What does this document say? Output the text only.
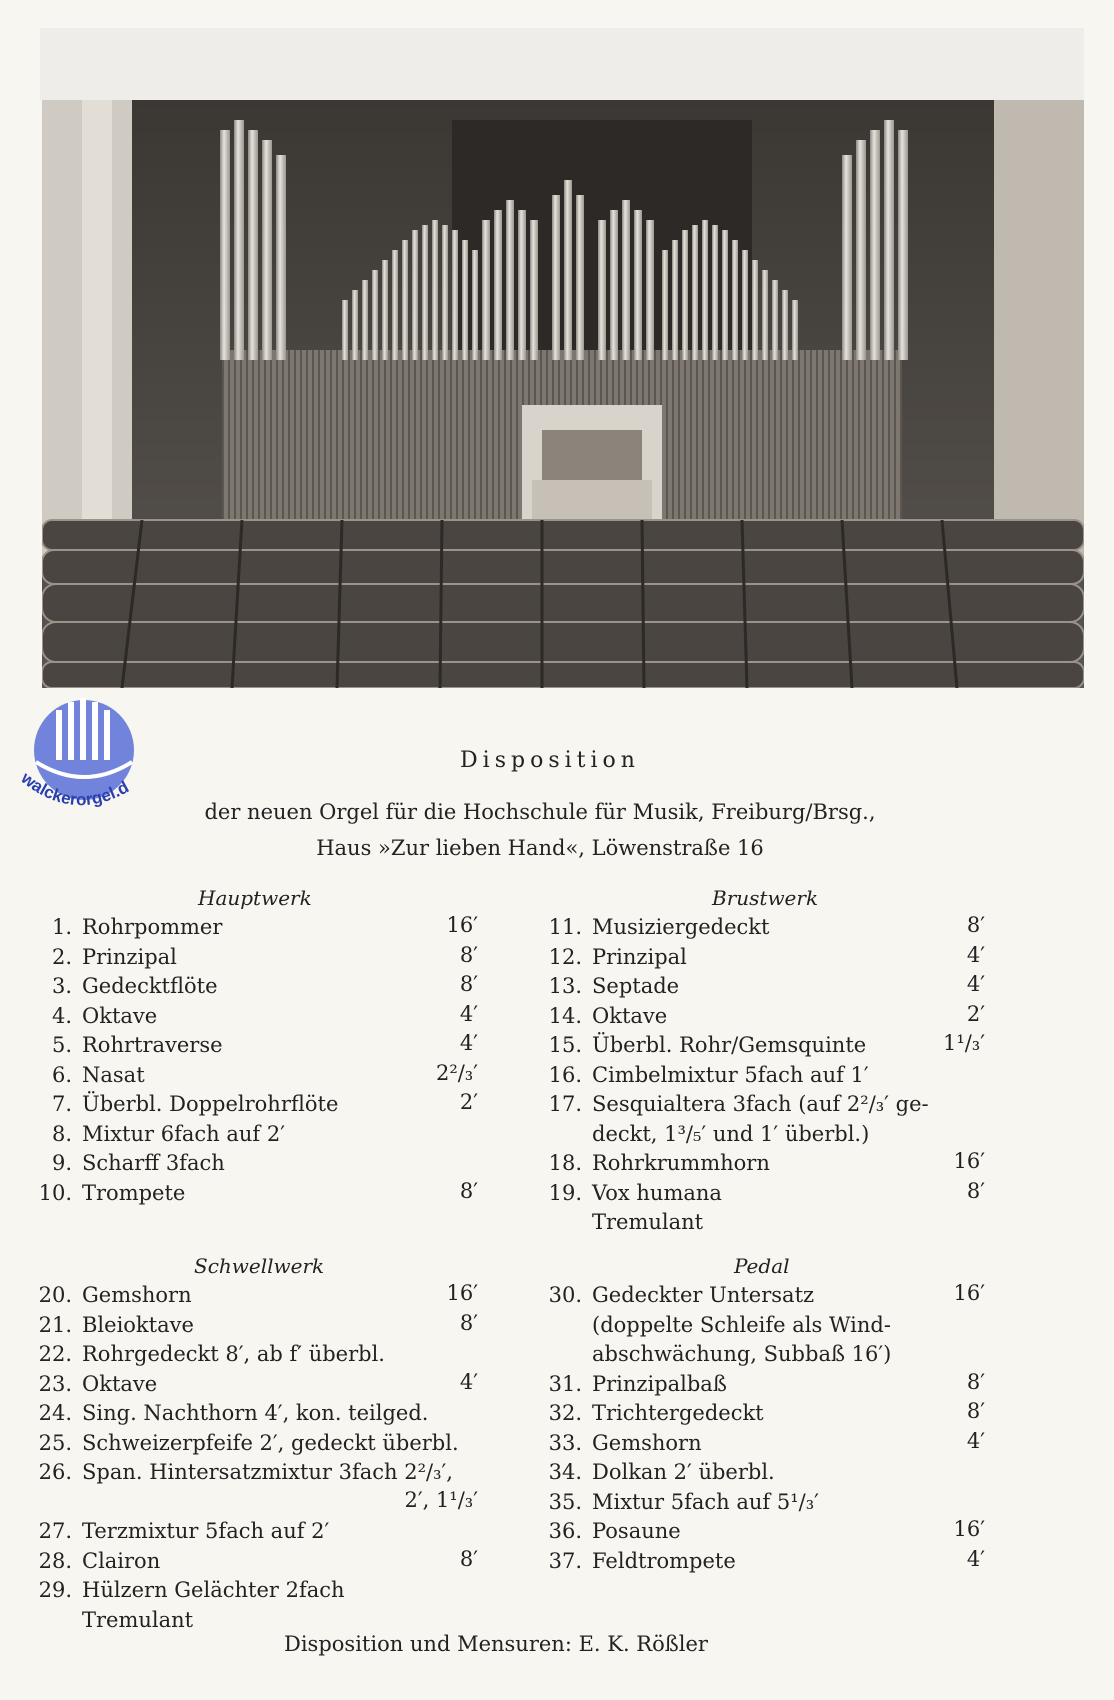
walckerorgel.d
Disposition
der neuen Orgel für die Hochschule für Musik, Freiburg/Brsg.,
Haus »Zur lieben Hand«, Löwenstraße 16
Hauptwerk	Brustwerk
Schwellwerk	Pedal
1. Rohrpommer	16′
2. Prinzipal	8′
3. Gedecktflöte	8′
4. Oktave	4′
5. Rohrtraverse	4′
6. Nasat	2²/₃′
7. Überbl. Doppelrohrflöte	2′
8. Mixtur 6fach auf 2′
9. Scharff 3fach
10. Trompete	8′
11. Musiziergedeckt	8′
12. Prinzipal	4′
13. Septade	4′
14. Oktave	2′
15. Überbl. Rohr/Gemsquinte	1¹/₃′
16. Cimbelmixtur 5fach auf 1′
17. Sesquialtera 3fach (auf 2²/₃′ ge-
deckt, 1³/₅′ und 1′ überbl.)
18. Rohrkrummhorn	16′
19. Vox humana	8′
Tremulant
20. Gemshorn	16′
21. Bleioktave	8′
22. Rohrgedeckt 8′, ab f′ überbl.
23. Oktave	4′
24. Sing. Nachthorn 4′, kon. teilged.
25. Schweizerpfeife 2′, gedeckt überbl.
26. Span. Hintersatzmixtur 3fach 2²/₃′,
2′, 1¹/₃′
27. Terzmixtur 5fach auf 2′
28. Clairon	8′
29. Hülzern Gelächter 2fach
Tremulant
30. Gedeckter Untersatz	16′
(doppelte Schleife als Wind-
abschwächung, Subbaß 16′)
31. Prinzipalbaß	8′
32. Trichtergedeckt	8′
33. Gemshorn	4′
34. Dolkan 2′ überbl.
35. Mixtur 5fach auf 5¹/₃′
36. Posaune	16′
37. Feldtrompete	4′
Disposition und Mensuren: E. K. Rößler
